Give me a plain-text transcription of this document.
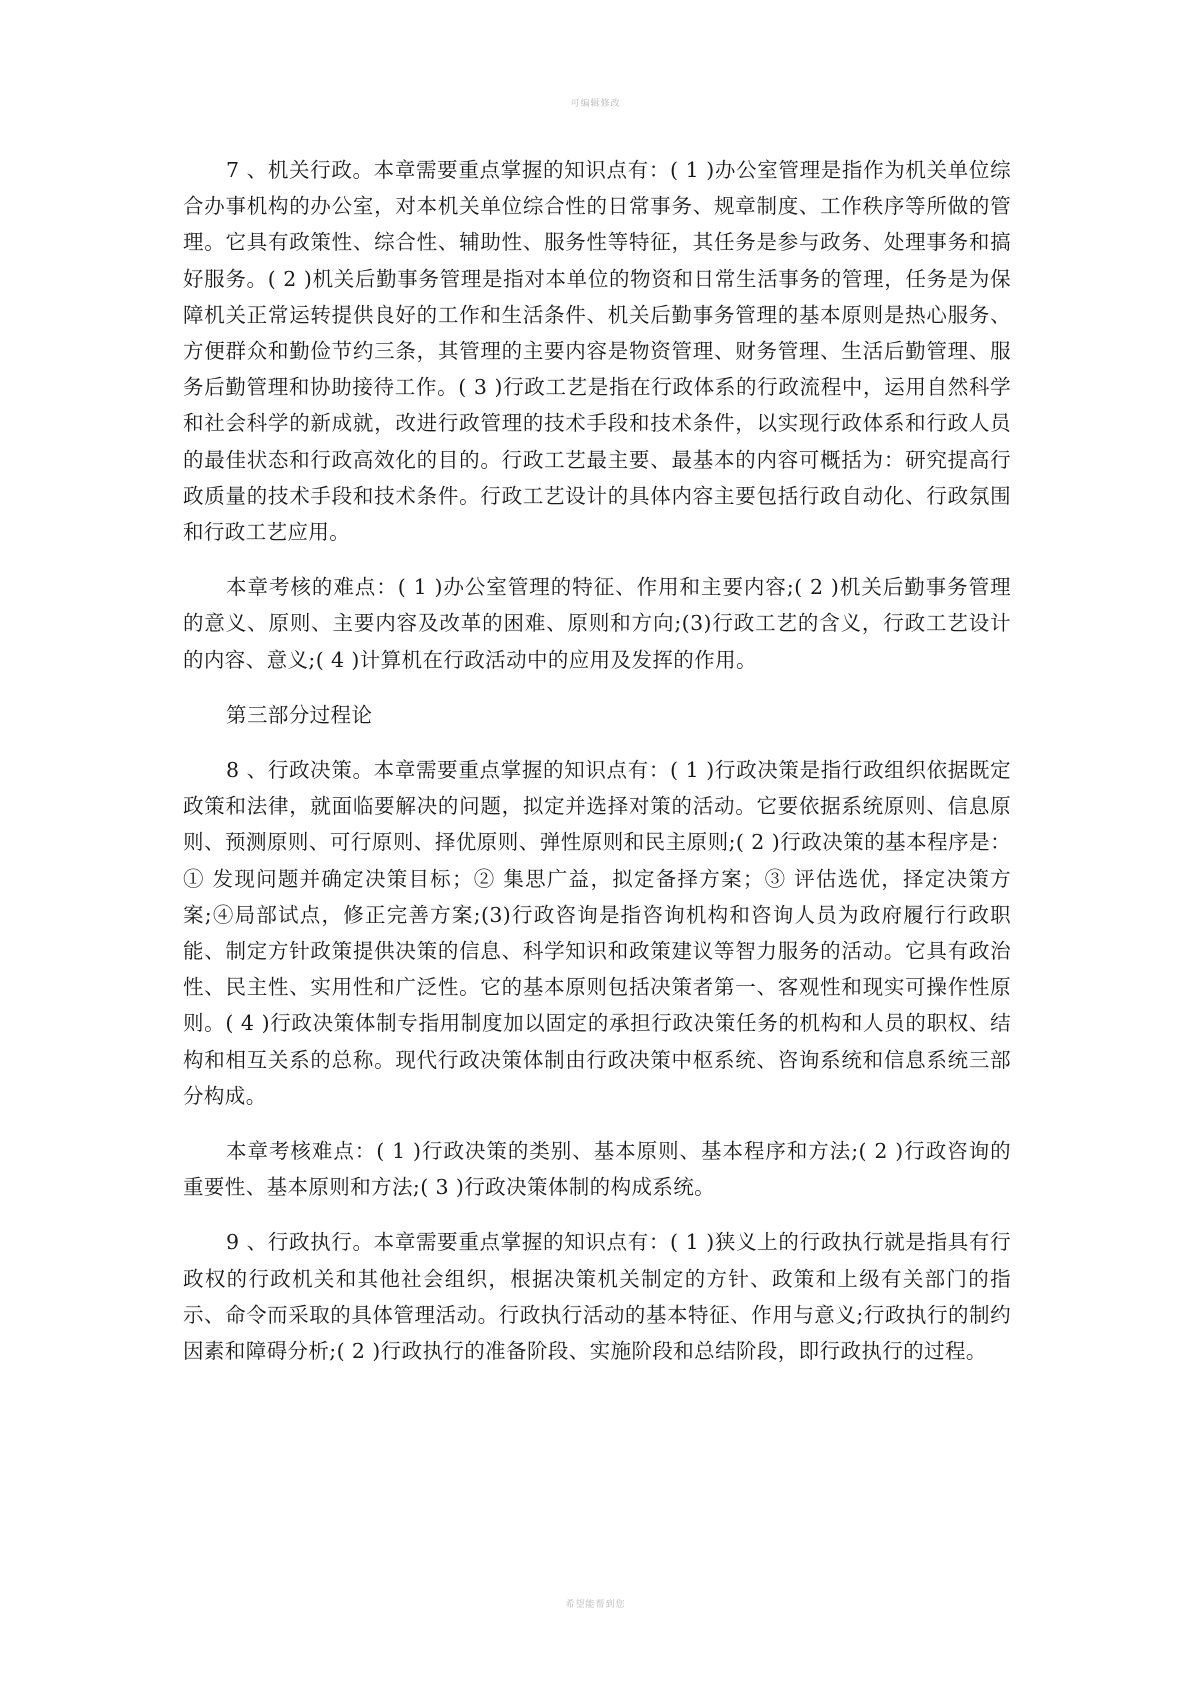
可编辑修改

7 、机关行政。本章需要重点掌握的知识点有：( 1 )办公室管理是指作为机关单位综合办事机构的办公室，对本机关单位综合性的日常事务、规章制度、工作秩序等所做的管理。它具有政策性、综合性、辅助性、服务性等特征，其任务是参与政务、处理事务和搞好服务。( 2 )机关后勤事务管理是指对本单位的物资和日常生活事务的管理，任务是为保障机关正常运转提供良好的工作和生活条件、机关后勤事务管理的基本原则是热心服务、方便群众和勤俭节约三条，其管理的主要内容是物资管理、财务管理、生活后勤管理、服务后勤管理和协助接待工作。( 3 )行政工艺是指在行政体系的行政流程中，运用自然科学和社会科学的新成就，改进行政管理的技术手段和技术条件，以实现行政体系和行政人员的最佳状态和行政高效化的目的。行政工艺最主要、最基本的内容可概括为：研究提高行政质量的技术手段和技术条件。行政工艺设计的具体内容主要包括行政自动化、行政氛围和行政工艺应用。

本章考核的难点：( 1 )办公室管理的特征、作用和主要内容;( 2 )机关后勤事务管理的意义、原则、主要内容及改革的困难、原则和方向;(3)行政工艺的含义，行政工艺设计的内容、意义;( 4 )计算机在行政活动中的应用及发挥的作用。

第三部分过程论

8 、行政决策。本章需要重点掌握的知识点有：( 1 )行政决策是指行政组织依据既定政策和法律，就面临要解决的问题，拟定并选择对策的活动。它要依据系统原则、信息原则、预测原则、可行原则、择优原则、弹性原则和民主原则;( 2 )行政决策的基本程序是： ① 发现问题并确定决策目标；② 集思广益，拟定备择方案；③ 评估选优，择定决策方案;④局部试点，修正完善方案;(3)行政咨询是指咨询机构和咨询人员为政府履行行政职能、制定方针政策提供决策的信息、科学知识和政策建议等智力服务的活动。它具有政治性、民主性、实用性和广泛性。它的基本原则包括决策者第一、客观性和现实可操作性原则。( 4 )行政决策体制专指用制度加以固定的承担行政决策任务的机构和人员的职权、结构和相互关系的总称。现代行政决策体制由行政决策中枢系统、咨询系统和信息系统三部分构成。

本章考核难点：( 1 )行政决策的类别、基本原则、基本程序和方法;( 2 )行政咨询的重要性、基本原则和方法;( 3 )行政决策体制的构成系统。

9 、行政执行。本章需要重点掌握的知识点有：( 1 )狭义上的行政执行就是指具有行政权的行政机关和其他社会组织，根据决策机关制定的方针、政策和上级有关部门的指示、命令而采取的具体管理活动。行政执行活动的基本特征、作用与意义;行政执行的制约因素和障碍分析;( 2 )行政执行的准备阶段、实施阶段和总结阶段，即行政执行的过程。

希望能帮到您
